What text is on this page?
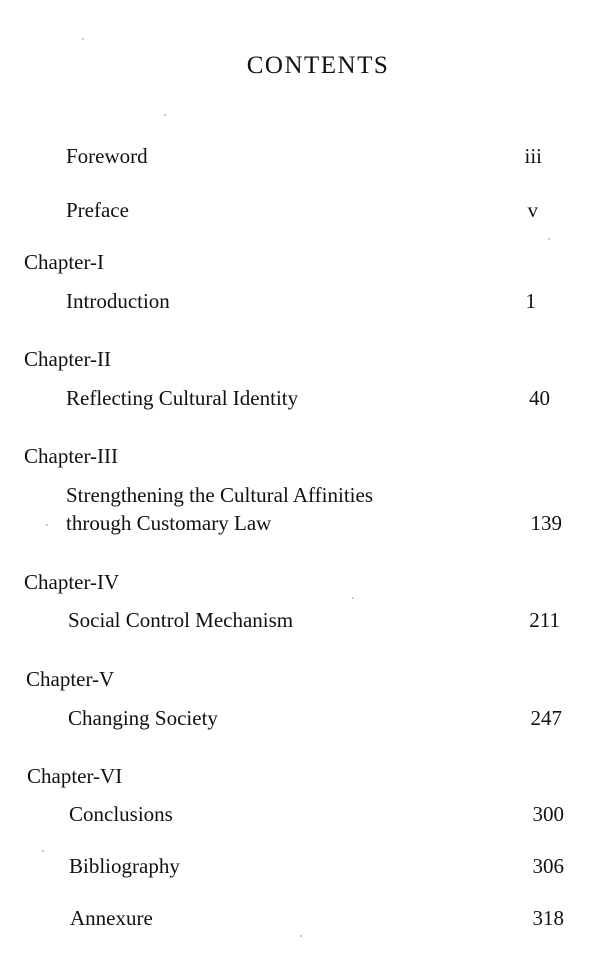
CONTENTS
Foreword	iii
Preface	v
Chapter-I
Introduction	1
Chapter-II
Reflecting Cultural Identity	40
Chapter-III
Strengthening the Cultural Affinities
through Customary Law	139
Chapter-IV
Social Control Mechanism	211
Chapter-V
Changing Society	247
Chapter-VI
Conclusions	300
Bibliography	306
Annexure	318
